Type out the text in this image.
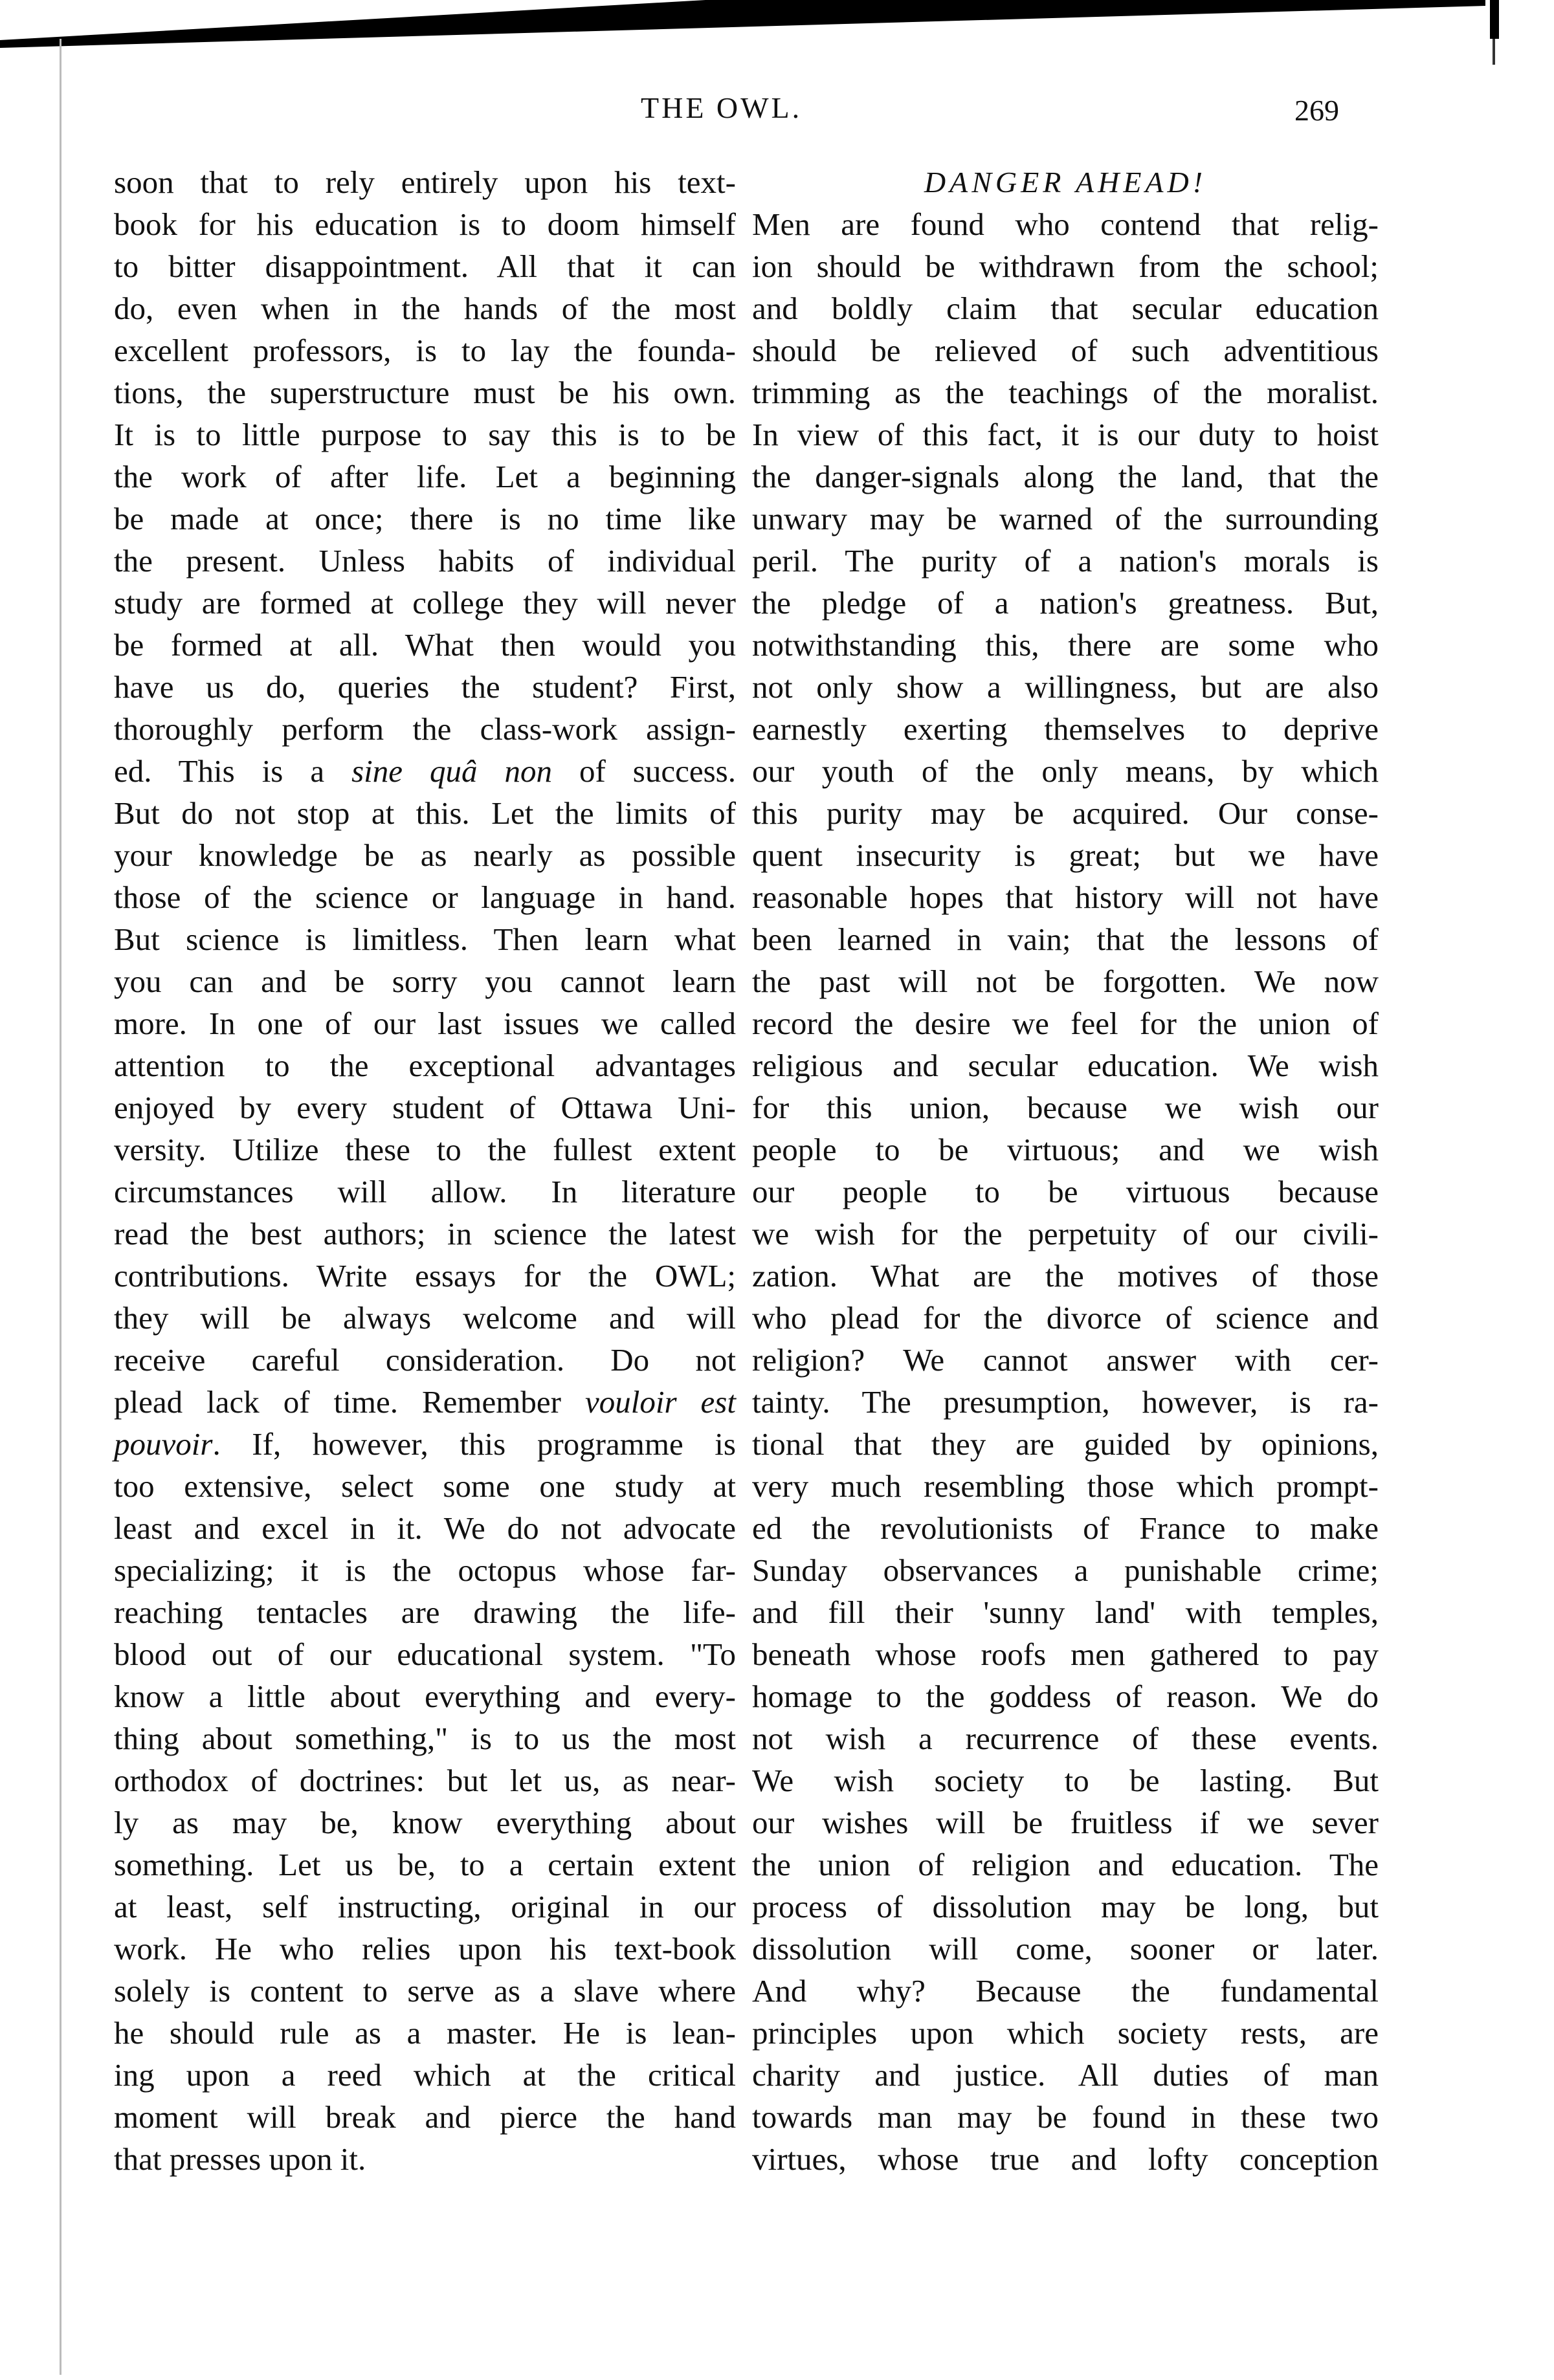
THE OWL.	269
soon that to rely entirely upon his text-
book for his education is to doom himself
to bitter disappointment. All that it can
do, even when in the hands of the most
excellent professors, is to lay the founda-
tions, the superstructure must be his own.
It is to little purpose to say this is to be
the work of after life. Let a beginning
be made at once; there is no time like
the present. Unless habits of individual
study are formed at college they will never
be formed at all. What then would you
have us do, queries the student? First,
thoroughly perform the class-work assign-
ed. This is a sine quâ non of success.
But do not stop at this. Let the limits of
your knowledge be as nearly as possible
those of the science or language in hand.
But science is limitless. Then learn what
you can and be sorry you cannot learn
more. In one of our last issues we called
attention to the exceptional advantages
enjoyed by every student of Ottawa Uni-
versity. Utilize these to the fullest extent
circumstances will allow. In literature
read the best authors; in science the latest
contributions. Write essays for the OWL;
they will be always welcome and will
receive careful consideration. Do not
plead lack of time. Remember vouloir est
pouvoir. If, however, this programme is
too extensive, select some one study at
least and excel in it. We do not advocate
specializing; it is the octopus whose far-
reaching tentacles are drawing the life-
blood out of our educational system. "To
know a little about everything and every-
thing about something," is to us the most
orthodox of doctrines: but let us, as near-
ly as may be, know everything about
something. Let us be, to a certain extent
at least, self instructing, original in our
work. He who relies upon his text-book
solely is content to serve as a slave where
he should rule as a master. He is lean-
ing upon a reed which at the critical
moment will break and pierce the hand
that presses upon it.
DANGER AHEAD!
Men are found who contend that relig-
ion should be withdrawn from the school;
and boldly claim that secular education
should be relieved of such adventitious
trimming as the teachings of the moralist.
In view of this fact, it is our duty to hoist
the danger-signals along the land, that the
unwary may be warned of the surrounding
peril. The purity of a nation's morals is
the pledge of a nation's greatness. But,
notwithstanding this, there are some who
not only show a willingness, but are also
earnestly exerting themselves to deprive
our youth of the only means, by which
this purity may be acquired. Our conse-
quent insecurity is great; but we have
reasonable hopes that history will not have
been learned in vain; that the lessons of
the past will not be forgotten. We now
record the desire we feel for the union of
religious and secular education. We wish
for this union, because we wish our
people to be virtuous; and we wish
our people to be virtuous because
we wish for the perpetuity of our civili-
zation. What are the motives of those
who plead for the divorce of science and
religion? We cannot answer with cer-
tainty. The presumption, however, is ra-
tional that they are guided by opinions,
very much resembling those which prompt-
ed the revolutionists of France to make
Sunday observances a punishable crime;
and fill their 'sunny land' with temples,
beneath whose roofs men gathered to pay
homage to the goddess of reason. We do
not wish a recurrence of these events.
We wish society to be lasting. But
our wishes will be fruitless if we sever
the union of religion and education. The
process of dissolution may be long, but
dissolution will come, sooner or later.
And why? Because the fundamental
principles upon which society rests, are
charity and justice. All duties of man
towards man may be found in these two
virtues, whose true and lofty conception
